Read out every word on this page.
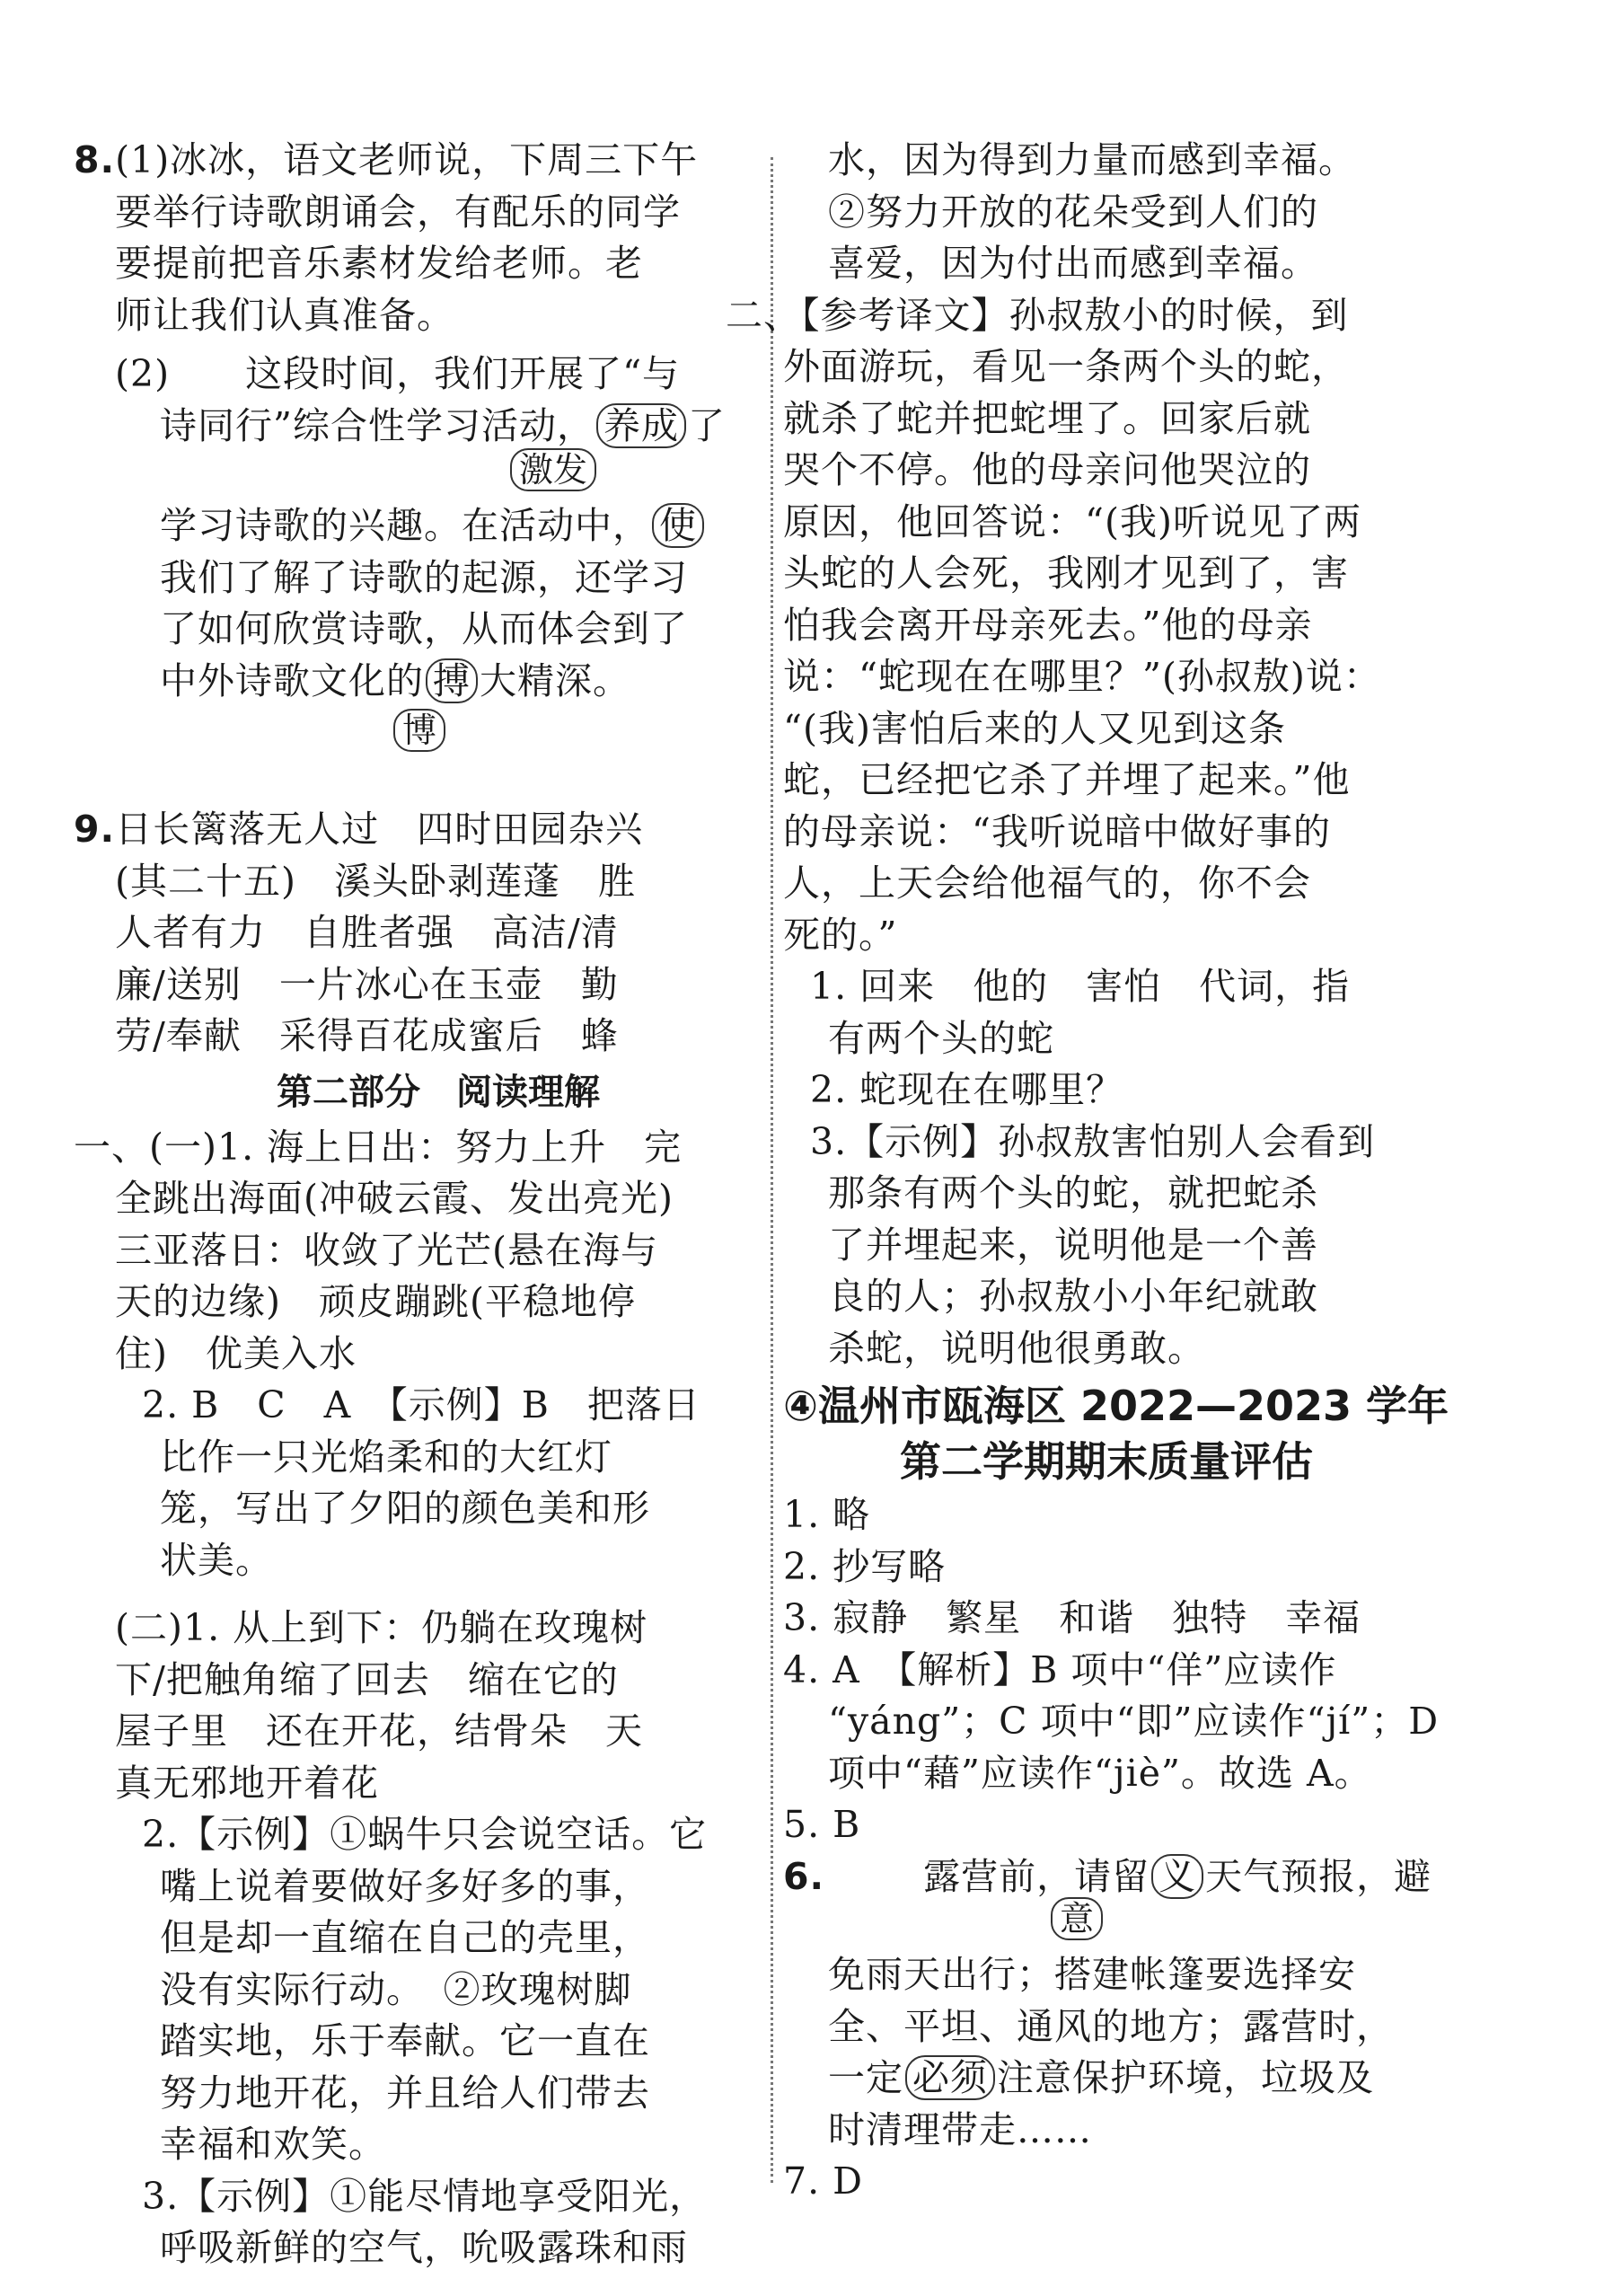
8.(1)冰冰，语文老师说，下周三下午
要举行诗歌朗诵会，有配乐的同学
要提前把音乐素材发给老师。老
师让我们认真准备。
(2)　　这段时间，我们开展了“与
诗同行”综合性学习活动， 养成 了
激发
学习诗歌的兴趣。在活动中， 使
我们了解了诗歌的起源，还学习
了如何欣赏诗歌，从而体会到了
中外诗歌文化的 搏 大精深。
博
9.日长篱落无人过　四时田园杂兴
(其二十五)　溪头卧剥莲蓬　胜
人者有力　自胜者强　高洁/清
廉/送别　一片冰心在玉壶　勤
劳/奉献　采得百花成蜜后　蜂
第二部分　阅读理解
一、(一)1. 海上日出：努力上升　完
全跳出海面(冲破云霞、发出亮光)
三亚落日：收敛了光芒(悬在海与
天的边缘)　顽皮蹦跳(平稳地停
住)　优美入水
2. B　C　A　【示例】B　把落日
比作一只光焰柔和的大红灯
笼，写出了夕阳的颜色美和形
状美。
(二)1. 从上到下：仍躺在玫瑰树
下/把触角缩了回去　缩在它的
屋子里　还在开花，结骨朵　天
真无邪地开着花
2.【示例】①蜗牛只会说空话。它
嘴上说着要做好多好多的事，
但是却一直缩在自己的壳里，
没有实际行动。　②玫瑰树脚
踏实地，乐于奉献。它一直在
努力地开花，并且给人们带去
幸福和欢笑。
3.【示例】①能尽情地享受阳光，
呼吸新鲜的空气，吮吸露珠和雨
水，因为得到力量而感到幸福。
②努力开放的花朵受到人们的
喜爱，因为付出而感到幸福。
二、【参考译文】孙叔敖小的时候，到
外面游玩，看见一条两个头的蛇，
就杀了蛇并把蛇埋了。回家后就
哭个不停。他的母亲问他哭泣的
原因，他回答说：“(我)听说见了两
头蛇的人会死，我刚才见到了，害
怕我会离开母亲死去。”他的母亲
说：“蛇现在在哪里？”(孙叔敖)说：
“(我)害怕后来的人又见到这条
蛇，已经把它杀了并埋了起来。”他
的母亲说：“我听说暗中做好事的
人，上天会给他福气的，你不会
死的。”
1. 回来　他的　害怕　代词，指
有两个头的蛇
2. 蛇现在在哪里？
3.【示例】孙叔敖害怕别人会看到
那条有两个头的蛇，就把蛇杀
了并埋起来，说明他是一个善
良的人；孙叔敖小小年纪就敢
杀蛇，说明他很勇敢。
④温州市瓯海区 2022—2023 学年
第二学期期末质量评估
1. 略
2. 抄写略
3. 寂静　繁星　和谐　独特　幸福
4. A　【解析】B 项中“佯”应读作
“yáng”；C 项中“即”应读作“jí”；D
项中“藉”应读作“jiè”。故选 A。
5. B
6.	露营前，请留 义 天气预报，避
意
免雨天出行；搭建帐篷要选择安
全、平坦、通风的地方；露营时，
一定 必须 注意保护环境，垃圾及
时清理带走……
7. D
